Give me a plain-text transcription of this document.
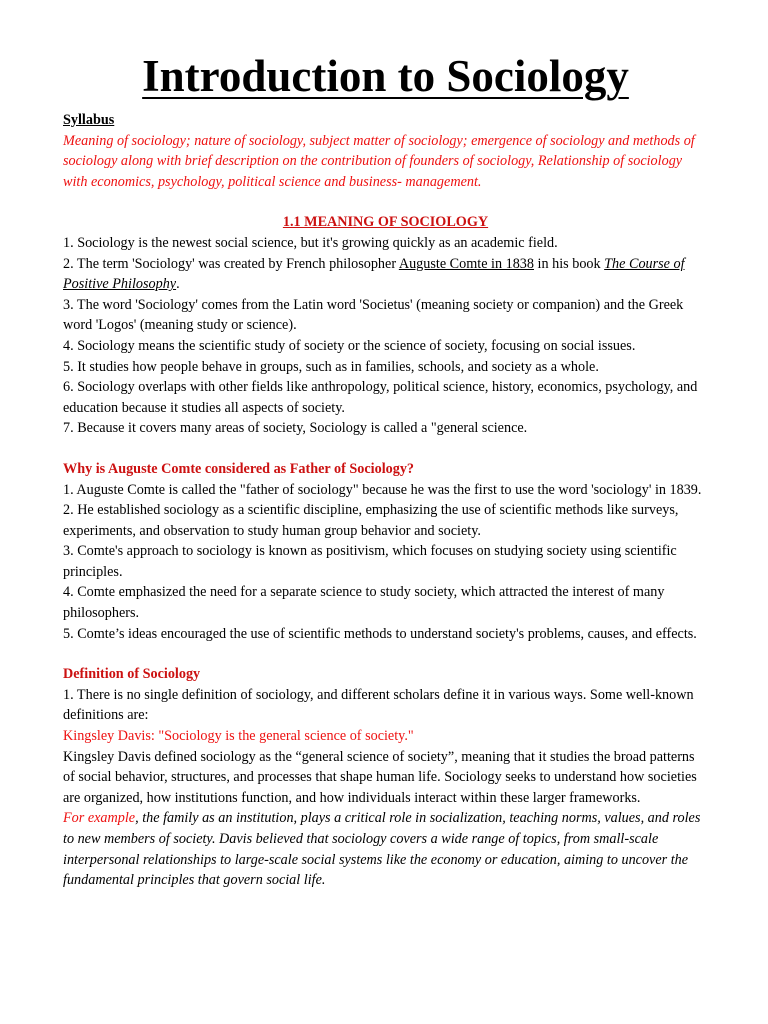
Introduction to Sociology

Syllabus

Meaning of sociology; nature of sociology, subject matter of sociology; emergence of sociology and methods of sociology along with brief description on the contribution of founders of sociology, Relationship of sociology with economics, psychology, political science and business- management.

1.1 MEANING OF SOCIOLOGY

1. Sociology is the newest social science, but it's growing quickly as an academic field.

2. The term 'Sociology' was created by French philosopher Auguste Comte in 1838 in his book The Course of Positive Philosophy.

3. The word 'Sociology' comes from the Latin word 'Societus' (meaning society or companion) and the Greek word 'Logos' (meaning study or science).

4. Sociology means the scientific study of society or the science of society, focusing on social issues.

5. It studies how people behave in groups, such as in families, schools, and society as a whole.

6. Sociology overlaps with other fields like anthropology, political science, history, economics, psychology, and education because it studies all aspects of society.

7. Because it covers many areas of society, Sociology is called a "general science.

Why is Auguste Comte considered as Father of Sociology?

1. Auguste Comte is called the "father of sociology" because he was the first to use the word 'sociology' in 1839.

2. He established sociology as a scientific discipline, emphasizing the use of scientific methods like surveys, experiments, and observation to study human group behavior and society.

3. Comte's approach to sociology is known as positivism, which focuses on studying society using scientific principles.

4. Comte emphasized the need for a separate science to study society, which attracted the interest of many philosophers.

5. Comte’s ideas encouraged the use of scientific methods to understand society's problems, causes, and effects.

Definition of Sociology

1. There is no single definition of sociology, and different scholars define it in various ways. Some well-known definitions are:

Kingsley Davis: "Sociology is the general science of society."

Kingsley Davis defined sociology as the “general science of society”, meaning that it studies the broad patterns of social behavior, structures, and processes that shape human life. Sociology seeks to understand how societies are organized, how institutions function, and how individuals interact within these larger frameworks.

For example, the family as an institution, plays a critical role in socialization, teaching norms, values, and roles to new members of society. Davis believed that sociology covers a wide range of topics, from small-scale interpersonal relationships to large-scale social systems like the economy or education, aiming to uncover the fundamental principles that govern social life.
